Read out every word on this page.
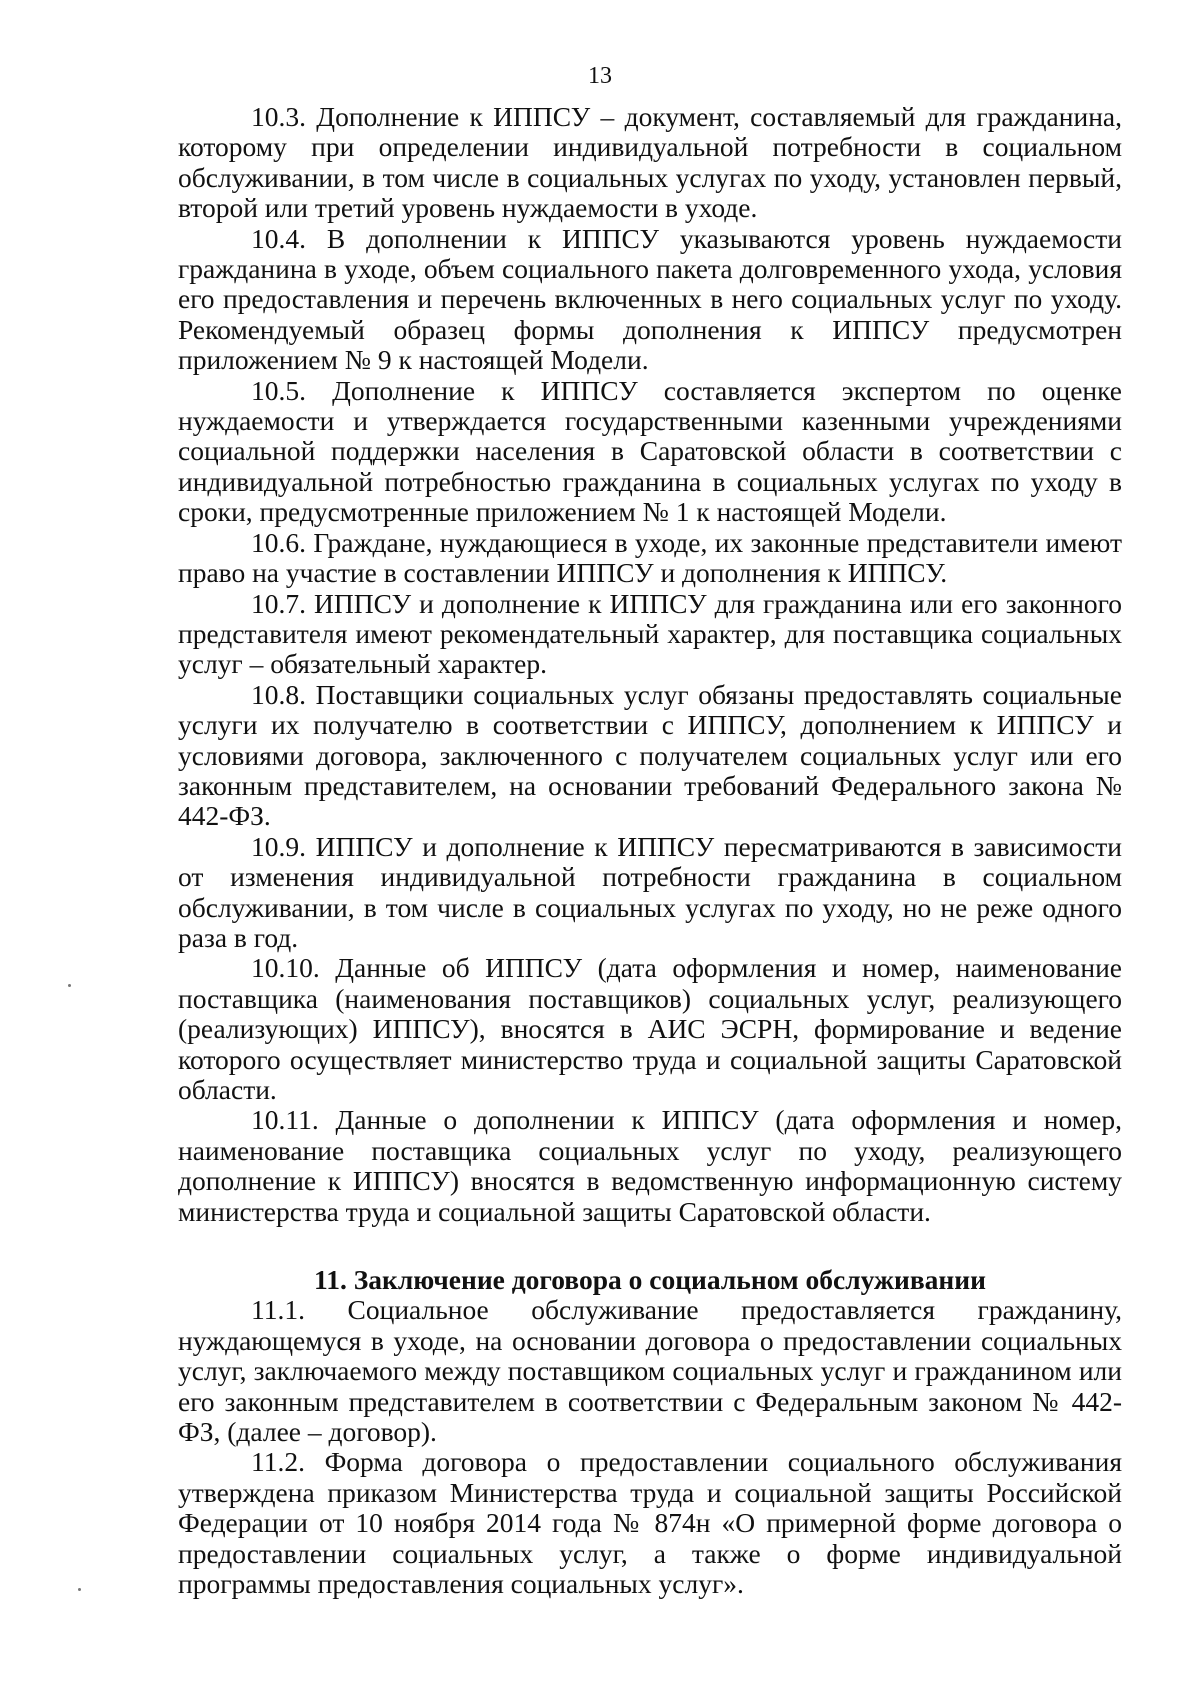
13

10.3. Дополнение к ИППСУ – документ, составляемый для гражданина, которому при определении индивидуальной потребности в социальном обслуживании, в том числе в социальных услугах по уходу, установлен первый, второй или третий уровень нуждаемости в уходе.

10.4. В дополнении к ИППСУ указываются уровень нуждаемости гражданина в уходе, объем социального пакета долговременного ухода, условия его предоставления и перечень включенных в него социальных услуг по уходу. Рекомендуемый образец формы дополнения к ИППСУ предусмотрен приложением № 9 к настоящей Модели.

10.5. Дополнение к ИППСУ составляется экспертом по оценке нуждаемости и утверждается государственными казенными учреждениями социальной поддержки населения в Саратовской области в соответствии с индивидуальной потребностью гражданина в социальных услугах по уходу в сроки, предусмотренные приложением № 1 к настоящей Модели.

10.6. Граждане, нуждающиеся в уходе, их законные представители имеют право на участие в составлении ИППСУ и дополнения к ИППСУ.

10.7. ИППСУ и дополнение к ИППСУ для гражданина или его законного представителя имеют рекомендательный характер, для поставщика социальных услуг – обязательный характер.

10.8. Поставщики социальных услуг обязаны предоставлять социальные услуги их получателю в соответствии с ИППСУ, дополнением к ИППСУ и условиями договора, заключенного с получателем социальных услуг или его законным представителем, на основании требований Федерального закона № 442-ФЗ.

10.9. ИППСУ и дополнение к ИППСУ пересматриваются в зависимости от изменения индивидуальной потребности гражданина в социальном обслуживании, в том числе в социальных услугах по уходу, но не реже одного раза в год.

10.10. Данные об ИППСУ (дата оформления и номер, наименование поставщика (наименования поставщиков) социальных услуг, реализующего (реализующих) ИППСУ), вносятся в АИС ЭСРН, формирование и ведение которого осуществляет министерство труда и социальной защиты Саратовской области.

10.11. Данные о дополнении к ИППСУ (дата оформления и номер, наименование поставщика социальных услуг по уходу, реализующего дополнение к ИППСУ) вносятся в ведомственную информационную систему министерства труда и социальной защиты Саратовской области.

11. Заключение договора о социальном обслуживании

11.1. Социальное обслуживание предоставляется гражданину, нуждающемуся в уходе, на основании договора о предоставлении социальных услуг, заключаемого между поставщиком социальных услуг и гражданином или его законным представителем в соответствии с Федеральным законом № 442-ФЗ, (далее – договор).

11.2. Форма договора о предоставлении социального обслуживания утверждена приказом Министерства труда и социальной защиты Российской Федерации от 10 ноября 2014 года № 874н «О примерной форме договора о предоставлении социальных услуг, а также о форме индивидуальной программы предоставления социальных услуг».
